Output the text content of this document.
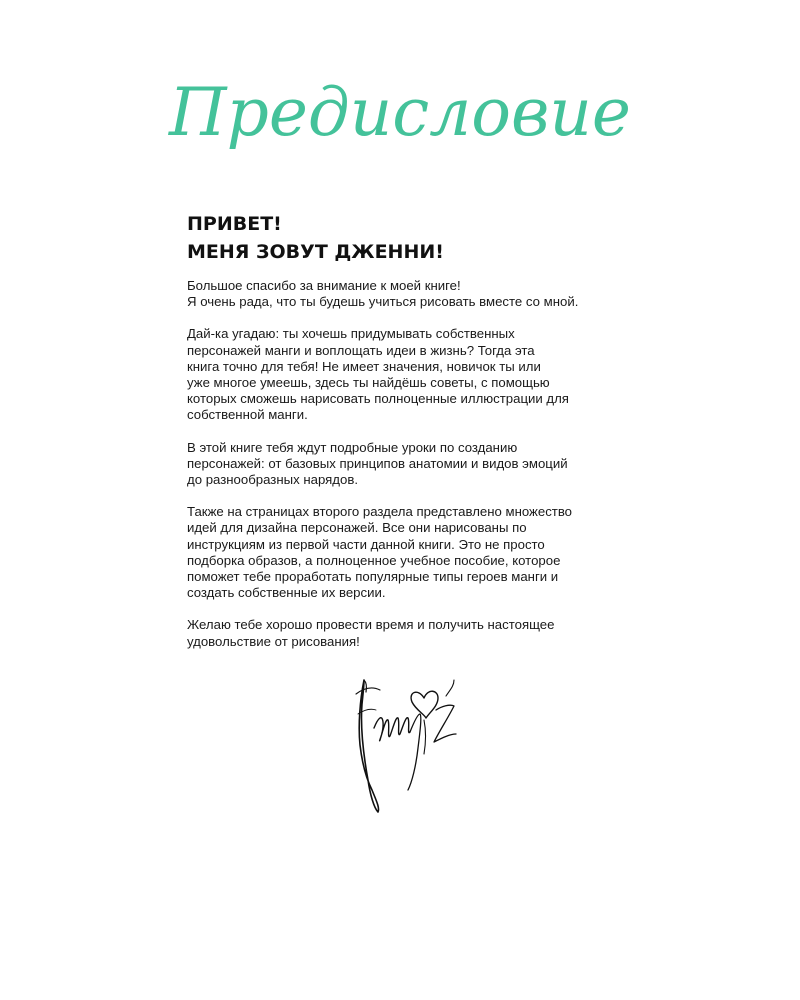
Предисловие
ПРИВЕТ!
МЕНЯ ЗОВУТ ДЖЕННИ!

Большое спасибо за внимание к моей книге!
Я очень рада, что ты будешь учиться рисовать вместе со мной.

Дай-ка угадаю: ты хочешь придумывать собственных
персонажей манги и воплощать идеи в жизнь? Тогда эта
книга точно для тебя! Не имеет значения, новичок ты или
уже многое умеешь, здесь ты найдёшь советы, с помощью
которых сможешь нарисовать полноценные иллюстрации для
собственной манги.

В этой книге тебя ждут подробные уроки по созданию
персонажей: от базовых принципов анатомии и видов эмоций
до разнообразных нарядов.

Также на страницах второго раздела представлено множество
идей для дизайна персонажей. Все они нарисованы по
инструкциям из первой части данной книги. Это не просто
подборка образов, а полноценное учебное пособие, которое
поможет тебе проработать популярные типы героев манги и
создать собственные их версии.

Желаю тебе хорошо провести время и получить настоящее
удовольствие от рисования!
